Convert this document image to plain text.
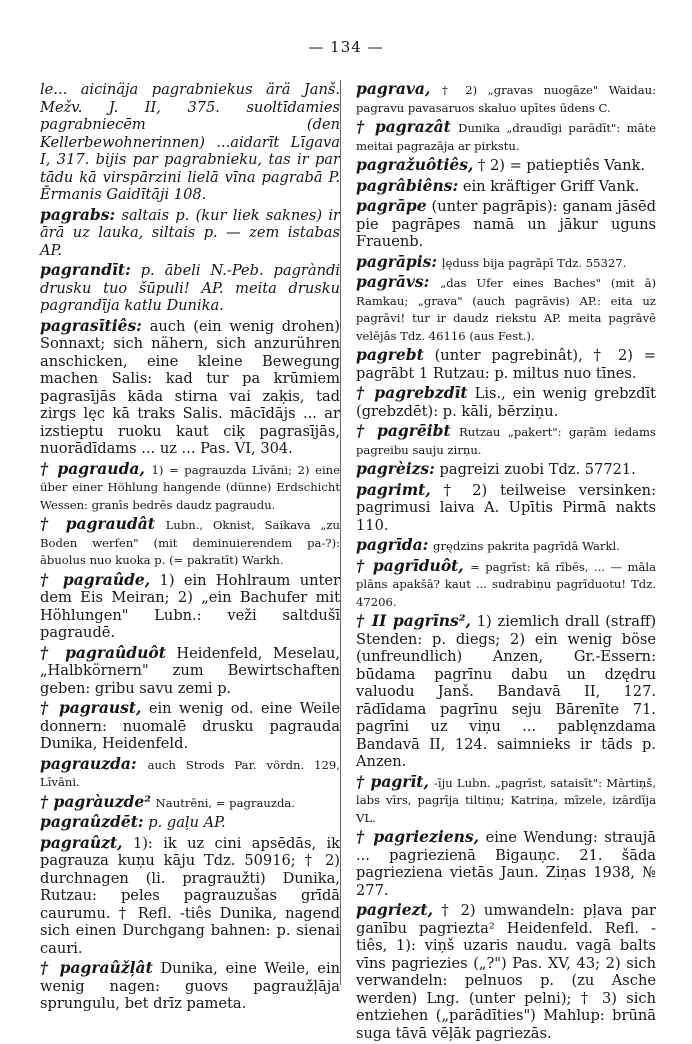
— 134 —

le... aicinäja pagrabniekus ärä Janš. Mežv. J. II, 375. suoltīdamies pagrabniecēm (den Kellerbewohnerinnen) ...aidarīt Līgava I, 317. bijis par pagrabnieku, tas ir par tādu kā virspārzini lielā vīna pagrabā P. Ērmanis Gaidītāji 108.

pagrabs: saltais p. (kur liek saknes) ir ārā uz lauka, siltais p. — zem istabas AP.

pagrandīt: p. ābeli N.-Peb. pagràndi drusku tuo šūpuli! AP. meita drusku pagrandīja katlu Dunika.

pagrasītiês: auch (ein wenig drohen) Sonnaxt; sich nähern, sich anzurühren anschicken, eine kleine Bewegung machen Salis: kad tur pa krūmiem pagrasījās kāda stirna vai zaķis, tad zirgs lęc kā traks Salis. mācīdājs ... ar izstieptu ruoku kaut ciķ pagrasījās, nuorādīdams ... uz ... Pas. VI, 304.

† pagrauda, 1) = pagrauzda Līvāni; 2) eine über einer Höhlung hangende (dünne) Erdschicht Wessen: granīs bedrēs daudz pagraudu.

† pagraudât Lubn., Oknist, Saikava „zu Boden werfen" (mit deminuierendem pa-?): ābuolus nuo kuoka p. (= pakratīt) Warkh.

† pagraûde, 1) ein Hohlraum unter dem Eis Meiran; 2) „ein Bachufer mit Höhlungen" Lubn.: veži saltdušī pagraudē.

† pagraûduôt Heidenfeld, Meselau, „Halbkörnern" zum Bewirtschaften geben: gribu savu zemi p.

† pagraust, ein wenig od. eine Weile donnern: nuomalē drusku pagrauda Dunika, Heidenfeld.

pagrauzda: auch Strods Par. vördn. 129, Līvāni.

† pagràuzde² Nautrēni, = pagrauzda.

pagraûzdēt: p. gaļu AP.

pagraûzt, 1): ik uz cini apsēdās, ik pagrauza kuņu kāju Tdz. 50916; † 2) durchnagen (li. pragraužti) Dunika, Rutzau: peles pagrauzušas grīdā caurumu. † Refl. -tiês Dunika, nagend sich einen Durchgang bahnen: p. sienai cauri.

† pagraûžļât Dunika, eine Weile, ein wenig nagen: guovs pagraužļāja sprungulu, bet drīz pameta.

pagrava, † 2) „gravas nuogāze" Waidau: pagravu pavasaruos skaluo upītes ūdens C.

† pagrazât Dunika „draudīgi parādīt": māte meitai pagrazāja ar pirkstu.

pagražuôtiês, † 2) = patieptiês Vank.

pagrâbiêns: ein kräftiger Griff Vank.

pagrāpe (unter pagrāpis): ganam jāsēd pie pagrāpes namā un jākur uguns Frauenb.

pagrāpis: ļęduss bija pagrāpī Tdz. 55327.

pagrāvs: „das Ufer eines Baches" (mit ā) Ramkau; „grava" (auch pagrāvis) AP.: eita uz pagrāvi! tur ir daudz riekstu AP. meita pagrāvē velējās Tdz. 46116 (aus Fest.).

pagrebt (unter pagrebinât), † 2) = pagrābt 1 Rutzau: p. miltus nuo tīnes.

† pagrebzdīt Lis., ein wenig grebzdīt (grebzdēt): p. kāli, bērziņu.

† pagrēibt Rutzau „pakert": gaŗām iedams pagreibu sauju zirņu.

pagrèizs: pagreizi zuobi Tdz. 57721.

pagrimt, † 2) teilweise versinken: pagrimusi laiva A. Upītis Pirmā nakts 110.

pagrīda: grędzins pakrita pagrīdā Warkl.

† pagrīduôt, = pagrīst: kā rībēs, ... — māla plāns apakšā? kaut ... sudrabiņu pagrīduotu! Tdz. 47206.

† II pagrīns², 1) ziemlich drall (straff) Stenden: p. diegs; 2) ein wenig böse (unfreundlich) Anzen, Gr.-Essern: būdama pagrīnu dabu un dzędru valuodu Janš. Bandavā II, 127. rādīdama pagrīnu seju Bārenīte 71. pagrīni uz viņu ... pablęnzdama Bandavā II, 124. saimnieks ir tāds p. Anzen.

† pagrīt, -īju Lubn. „pagrīst, sataisīt": Mārtiņš, labs vīrs, pagrīja tiltiņu; Katriņa, mīzele, izārdīja VL.

† pagrieziens, eine Wendung: straujā ... pagriezienā Bigauņc. 21. šāda pagrieziena vietās Jaun. Ziņas 1938, № 277.

pagriezt, † 2) umwandeln: pļava par ganību pagriezta² Heidenfeld. Refl. -tiês, 1): viņš uzaris naudu. vagā balts vīns pagriezies („?") Pas. XV, 43; 2) sich verwandeln: pelnuos p. (zu Asche werden) Lng. (unter pelni); † 3) sich entziehen („parādīties") Mahlup: brūnā suga tāvā vēļāk pagriezās.
